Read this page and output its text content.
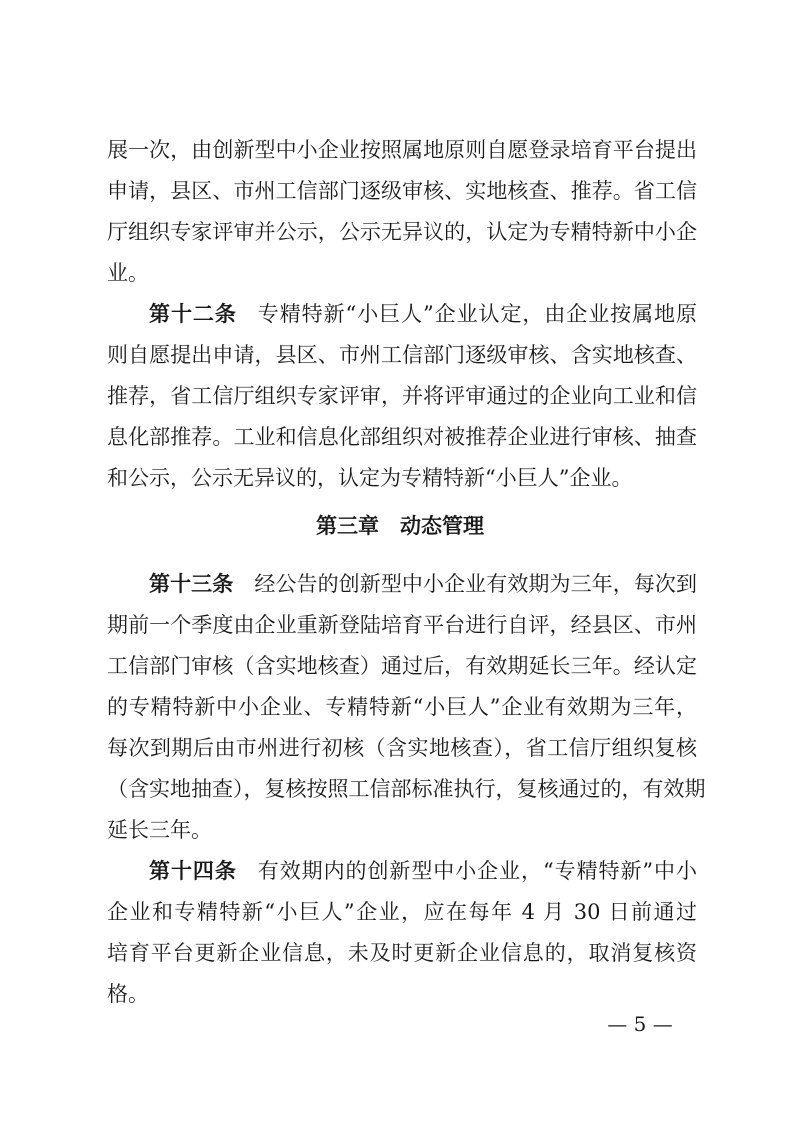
展一次，由创新型中小企业按照属地原则自愿登录培育平台提出
申请，县区、市州工信部门逐级审核、实地核查、推荐。省工信
厅组织专家评审并公示，公示无异议的，认定为专精特新中小企
业。
第十二条 专精特新“小巨人”企业认定，由企业按属地原
则自愿提出申请，县区、市州工信部门逐级审核、含实地核查、
推荐，省工信厅组织专家评审，并将评审通过的企业向工业和信
息化部推荐。工业和信息化部组织对被推荐企业进行审核、抽查
和公示，公示无异议的，认定为专精特新“小巨人”企业。
第三章　动态管理
第十三条 经公告的创新型中小企业有效期为三年，每次到
期前一个季度由企业重新登陆培育平台进行自评，经县区、市州
工信部门审核（含实地核查）通过后，有效期延长三年。经认定
的专精特新中小企业、专精特新“小巨人”企业有效期为三年，
每次到期后由市州进行初核（含实地核查），省工信厅组织复核
（含实地抽查），复核按照工信部标准执行，复核通过的，有效期
延长三年。
第十四条 有效期内的创新型中小企业，“专精特新”中小
企业和专精特新“小巨人”企业，应在每年 4 月 30 日前通过
培育平台更新企业信息，未及时更新企业信息的，取消复核资
格。
— 5 —
